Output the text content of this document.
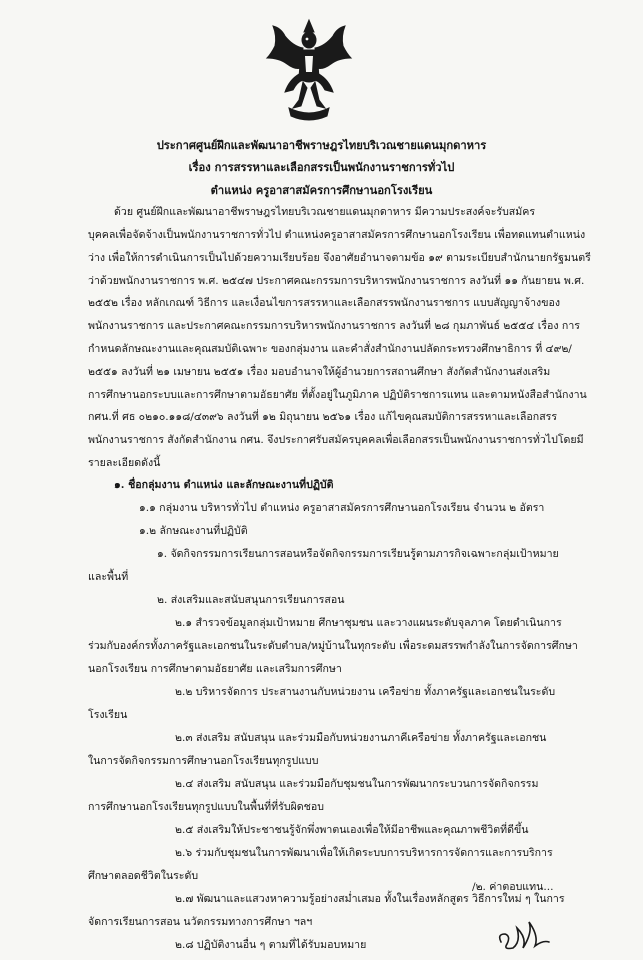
ประกาศศูนย์ฝึกและพัฒนาอาชีพราษฎรไทยบริเวณชายแดนมุกดาหาร
เรื่อง การสรรหาและเลือกสรรเป็นพนักงานราชการทั่วไป
ตำแหน่ง ครูอาสาสมัครการศึกษานอกโรงเรียน
ด้วย ศูนย์ฝึกและพัฒนาอาชีพราษฎรไทยบริเวณชายแดนมุกดาหาร มีความประสงค์จะรับสมัคร
บุคคลเพื่อจัดจ้างเป็นพนักงานราชการทั่วไป ตำแหน่งครูอาสาสมัครการศึกษานอกโรงเรียน เพื่อทดแทนตำแหน่ง
ว่าง เพื่อให้การดำเนินการเป็นไปด้วยความเรียบร้อย จึงอาศัยอำนาจตามข้อ ๑๙ ตามระเบียบสำนักนายกรัฐมนตรี
ว่าด้วยพนักงานราชการ พ.ศ. ๒๕๔๗ ประกาศคณะกรรมการบริหารพนักงานราชการ ลงวันที่ ๑๑ กันยายน พ.ศ.
๒๕๕๒ เรื่อง หลักเกณฑ์ วิธีการ และเงื่อนไขการสรรหาและเลือกสรรพนักงานราชการ แบบสัญญาจ้างของ
พนักงานราชการ และประกาศคณะกรรมการบริหารพนักงานราชการ ลงวันที่ ๒๘ กุมภาพันธ์ ๒๕๕๔ เรื่อง การ
กำหนดลักษณะงานและคุณสมบัติเฉพาะ ของกลุ่มงาน และคำสั่งสำนักงานปลัดกระทรวงศึกษาธิการ ที่ ๔๙๒/
๒๕๕๑ ลงวันที่ ๒๑ เมษายน ๒๕๕๑ เรื่อง มอบอำนาจให้ผู้อำนวยการสถานศึกษา สังกัดสำนักงานส่งเสริม
การศึกษานอกระบบและการศึกษาตามอัธยาศัย ที่ตั้งอยู่ในภูมิภาค ปฏิบัติราชการแทน และตามหนังสือสำนักงาน
กศน.ที่ ศธ ๐๒๑๐.๑๑๘/๔๓๙๖ ลงวันที่ ๑๒ มิถุนายน ๒๕๖๑ เรื่อง แก้ไขคุณสมบัติการสรรหาและเลือกสรร
พนักงานราชการ สังกัดสำนักงาน กศน. จึงประกาศรับสมัครบุคคลเพื่อเลือกสรรเป็นพนักงานราชการทั่วไปโดยมี
รายละเอียดดังนี้
๑. ชื่อกลุ่มงาน ตำแหน่ง และลักษณะงานที่ปฏิบัติ
๑.๑ กลุ่มงาน บริหารทั่วไป ตำแหน่ง ครูอาสาสมัครการศึกษานอกโรงเรียน จำนวน ๒ อัตรา
๑.๒ ลักษณะงานที่ปฏิบัติ
๑. จัดกิจกรรมการเรียนการสอนหรือจัดกิจกรรมการเรียนรู้ตามภารกิจเฉพาะกลุ่มเป้าหมาย
และพื้นที่
๒. ส่งเสริมและสนับสนุนการเรียนการสอน
๒.๑ สำรวจข้อมูลกลุ่มเป้าหมาย ศึกษาชุมชน และวางแผนระดับจุลภาค โดยดำเนินการ
ร่วมกับองค์กรทั้งภาครัฐและเอกชนในระดับตำบล/หมู่บ้านในทุกระดับ เพื่อระดมสรรพกำลังในการจัดการศึกษา
นอกโรงเรียน การศึกษาตามอัธยาศัย และเสริมการศึกษา
๒.๒ บริหารจัดการ ประสานงานกับหน่วยงาน เครือข่าย ทั้งภาครัฐและเอกชนในระดับ
โรงเรียน
๒.๓ ส่งเสริม สนับสนุน และร่วมมือกับหน่วยงานภาคีเครือข่าย ทั้งภาครัฐและเอกชน
ในการจัดกิจกรรมการศึกษานอกโรงเรียนทุกรูปแบบ
๒.๔ ส่งเสริม สนับสนุน และร่วมมือกับชุมชนในการพัฒนากระบวนการจัดกิจกรรม
การศึกษานอกโรงเรียนทุกรูปแบบในพื้นที่ที่รับผิดชอบ
๒.๕ ส่งเสริมให้ประชาชนรู้จักพึ่งพาตนเองเพื่อให้มีอาชีพและคุณภาพชีวิตที่ดีขึ้น
๒.๖ ร่วมกับชุมชนในการพัฒนาเพื่อให้เกิดระบบการบริหารการจัดการและการบริการ
ศึกษาตลอดชีวิตในระดับ
๒.๗ พัฒนาและแสวงหาความรู้อย่างสม่ำเสมอ ทั้งในเรื่องหลักสูตร วิธีการใหม่ ๆ ในการ
จัดการเรียนการสอน นวัตกรรมทางการศึกษา ฯลฯ
๒.๘ ปฏิบัติงานอื่น ๆ ตามที่ได้รับมอบหมาย
/๒. ค่าตอบแทน...
